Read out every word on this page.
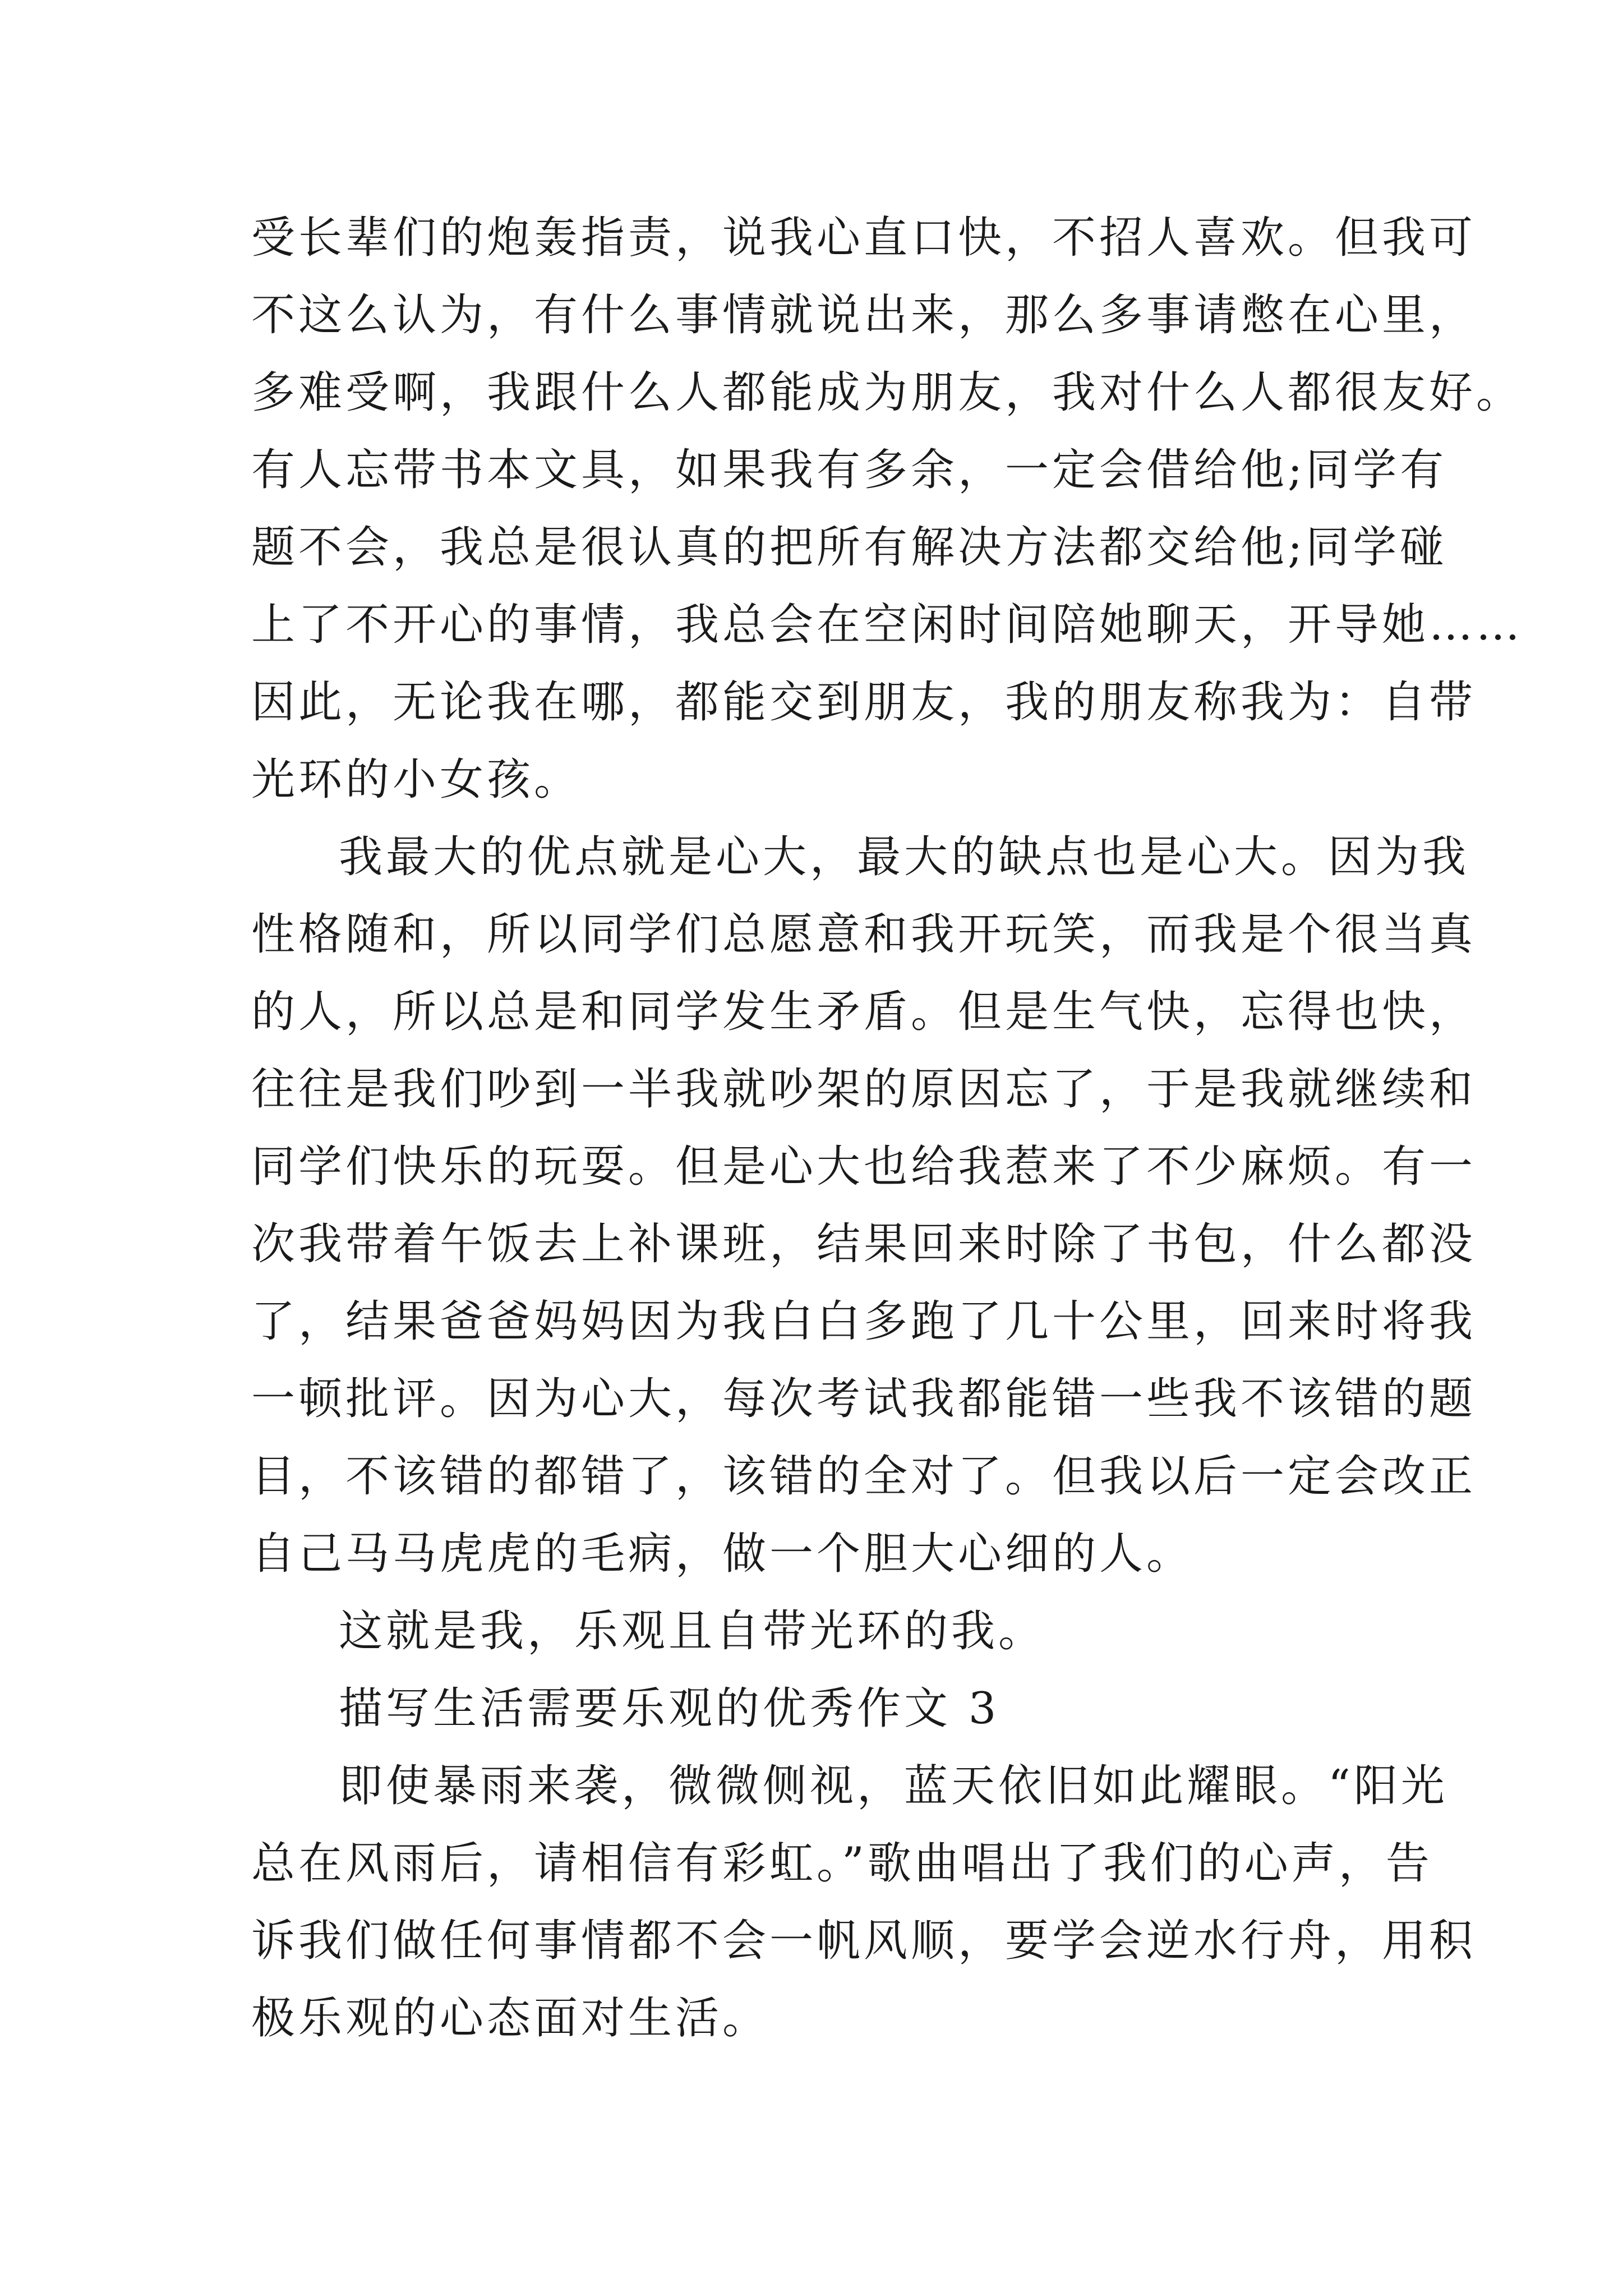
受长辈们的炮轰指责，说我心直口快，不招人喜欢。但我可
不这么认为，有什么事情就说出来，那么多事请憋在心里，
多难受啊，我跟什么人都能成为朋友，我对什么人都很友好。
有人忘带书本文具，如果我有多余，一定会借给他;同学有
题不会，我总是很认真的把所有解决方法都交给他;同学碰
上了不开心的事情，我总会在空闲时间陪她聊天，开导她……
因此，无论我在哪，都能交到朋友，我的朋友称我为：自带
光环的小女孩。
我最大的优点就是心大，最大的缺点也是心大。因为我
性格随和，所以同学们总愿意和我开玩笑，而我是个很当真
的人，所以总是和同学发生矛盾。但是生气快，忘得也快，
往往是我们吵到一半我就吵架的原因忘了，于是我就继续和
同学们快乐的玩耍。但是心大也给我惹来了不少麻烦。有一
次我带着午饭去上补课班，结果回来时除了书包，什么都没
了，结果爸爸妈妈因为我白白多跑了几十公里，回来时将我
一顿批评。因为心大，每次考试我都能错一些我不该错的题
目，不该错的都错了，该错的全对了。但我以后一定会改正
自己马马虎虎的毛病，做一个胆大心细的人。
这就是我，乐观且自带光环的我。
描写生活需要乐观的优秀作文 3
即使暴雨来袭，微微侧视，蓝天依旧如此耀眼。“阳光
总在风雨后，请相信有彩虹。”歌曲唱出了我们的心声，告
诉我们做任何事情都不会一帆风顺，要学会逆水行舟，用积
极乐观的心态面对生活。
